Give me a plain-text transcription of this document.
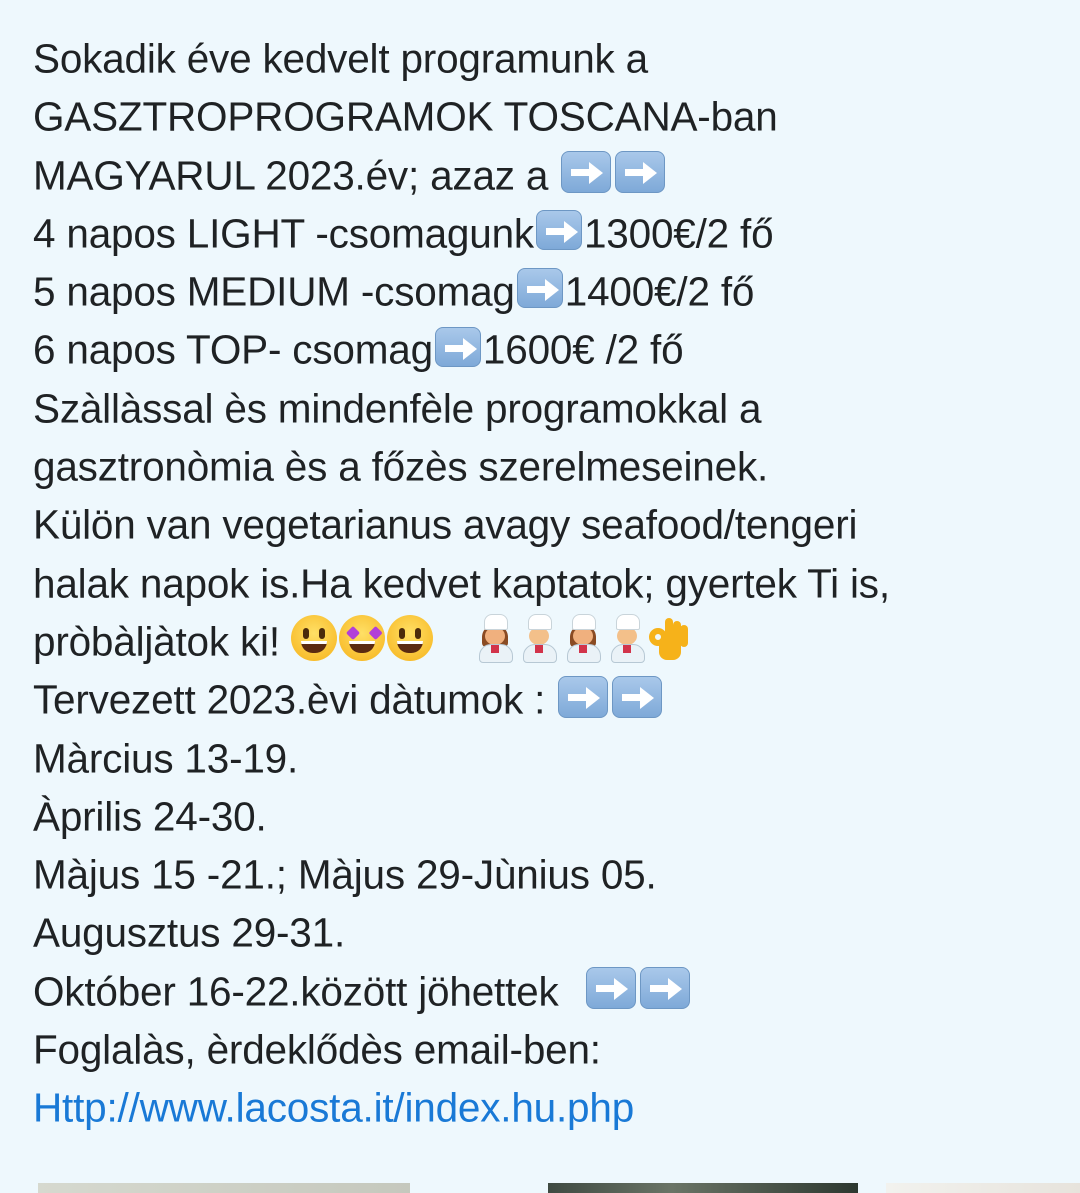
Sokadik éve kedvelt programunk a
GASZTROPROGRAMOK TOSCANA-ban
MAGYARUL 2023.év; azaz a
4 napos LIGHT -csomagunk 1300€/2 fő
5 napos MEDIUM -csomag 1400€/2 fő
6 napos TOP- csomag 1600€ /2 fő
Szàllàssal ès mindenfèle programokkal a
gasztronòmia ès a főzès szerelmeseinek.
Külön van vegetarianus avagy seafood/tengeri
halak napok is.Ha kedvet kaptatok; gyertek Ti is,
pròbàljàtok ki!
Tervezett 2023.èvi dàtumok :
Màrcius 13-19.
Àprilis 24-30.
Màjus 15 -21.; Màjus 29-Jùnius 05.
Augusztus 29-31.
Október 16-22.között jöhettek
Foglalàs, èrdeklődès email-ben:
Http://www.lacosta.it/index.hu.php
